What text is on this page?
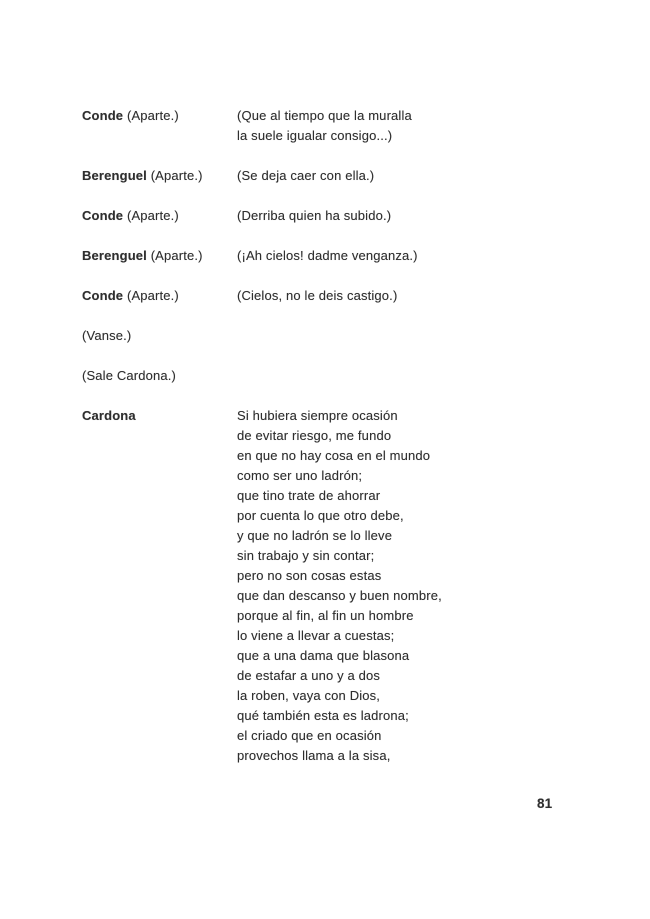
Conde (Aparte.)	(Que al tiempo que la muralla
la suele igualar consigo...)
Berenguel (Aparte.)	(Se deja caer con ella.)
Conde (Aparte.)	(Derriba quien ha subido.)
Berenguel (Aparte.)	(¡Ah cielos! dadme venganza.)
Conde (Aparte.)	(Cielos, no le deis castigo.)
(Vanse.)
(Sale Cardona.)
Cardona	Si hubiera siempre ocasión
de evitar riesgo, me fundo
en que no hay cosa en el mundo
como ser uno ladrón;
que tino trate de ahorrar
por cuenta lo que otro debe,
y que no ladrón se lo lleve
sin trabajo y sin contar;
pero no son cosas estas
que dan descanso y buen nombre,
porque al fin, al fin un hombre
lo viene a llevar a cuestas;
que a una dama que blasona
de estafar a uno y a dos
la roben, vaya con Dios,
qué también esta es ladrona;
el criado que en ocasión
provechos llama a la sisa,
81
